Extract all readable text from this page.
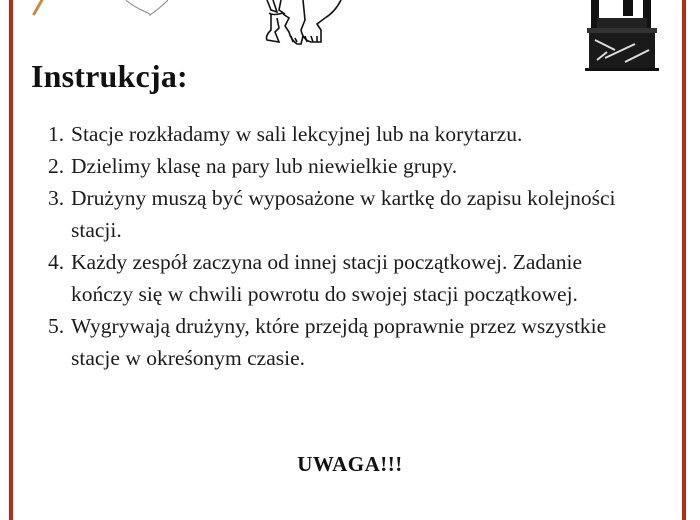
Instrukcja:
1. Stacje rozkładamy w sali lekcyjnej lub na korytarzu.
2. Dzielimy klasę na pary lub niewielkie grupy.
3. Drużyny muszą być wyposażone w kartkę do zapisu kolejności stacji.
4. Każdy zespół zaczyna od innej stacji początkowej. Zadanie kończy się w chwili powrotu do swojej stacji początkowej.
5. Wygrywają drużyny, które przejdą poprawnie przez wszystkie stacje w okreśonym czasie.
UWAGA!!!
